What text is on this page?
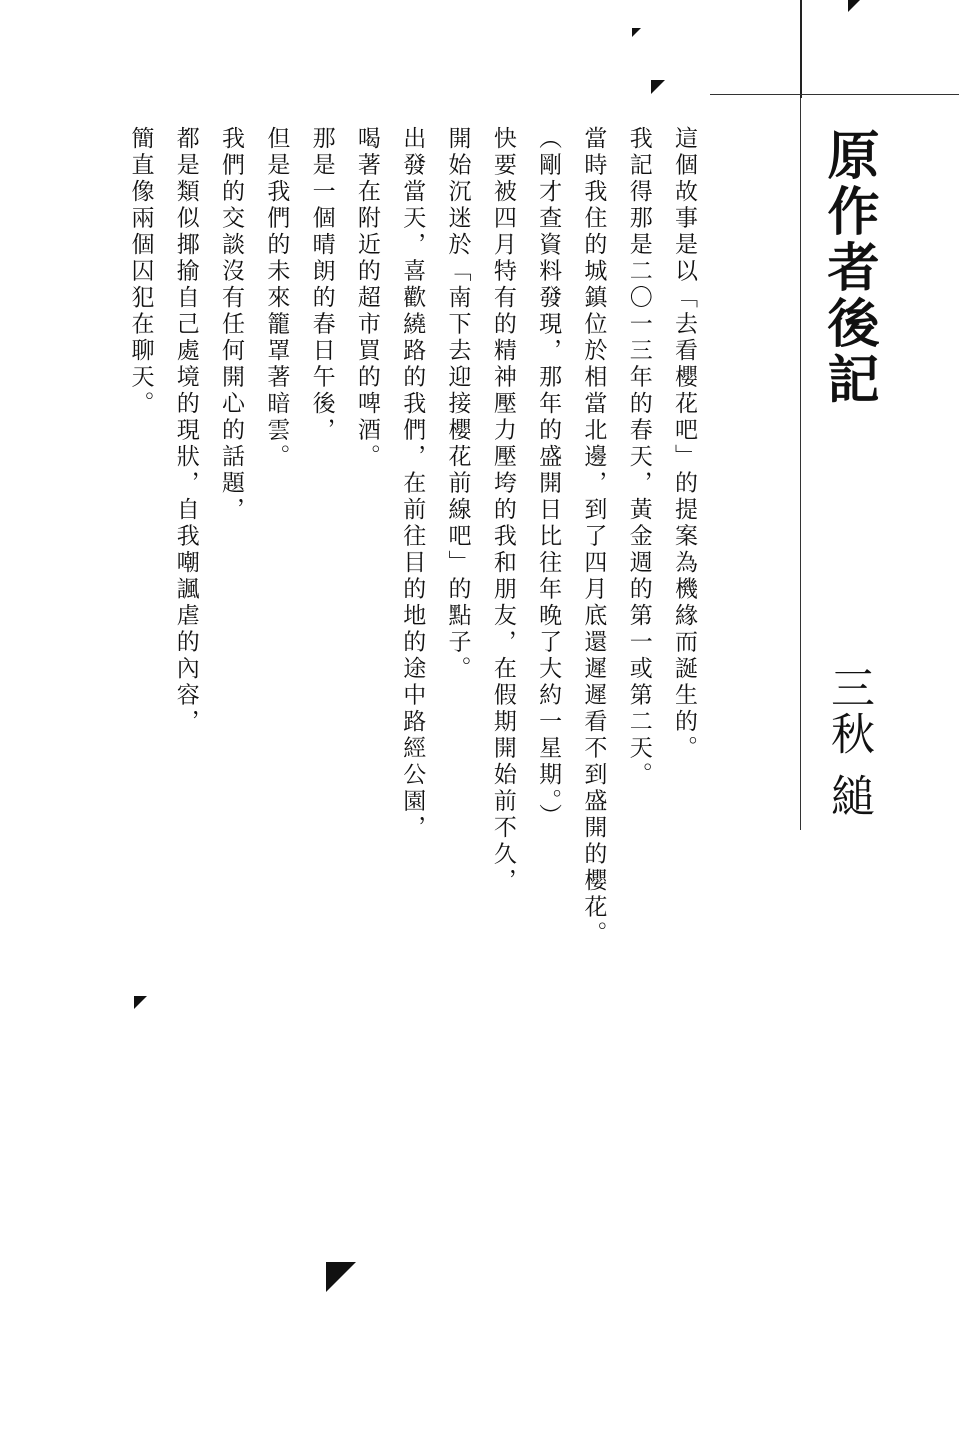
原作者後記
三秋 縋

這個故事是以「去看櫻花吧」的提案為機緣而誕生的。

我記得那是二〇一三年的春天，黃金週的第一或第二天。

當時我住的城鎮位於相當北邊，到了四月底還遲遲看不到盛開的櫻花。

（剛才查資料發現，那年的盛開日比往年晚了大約一星期。）

快要被四月特有的精神壓力壓垮的我和朋友，在假期開始前不久，

開始沉迷於「南下去迎接櫻花前線吧」的點子。

出發當天，喜歡繞路的我們，在前往目的地的途中路經公園，

喝著在附近的超市買的啤酒。

那是一個晴朗的春日午後，

但是我們的未來籠罩著暗雲。

我們的交談沒有任何開心的話題，

都是類似揶揄自己處境的現狀，自我嘲諷虐的內容，

簡直像兩個囚犯在聊天。
